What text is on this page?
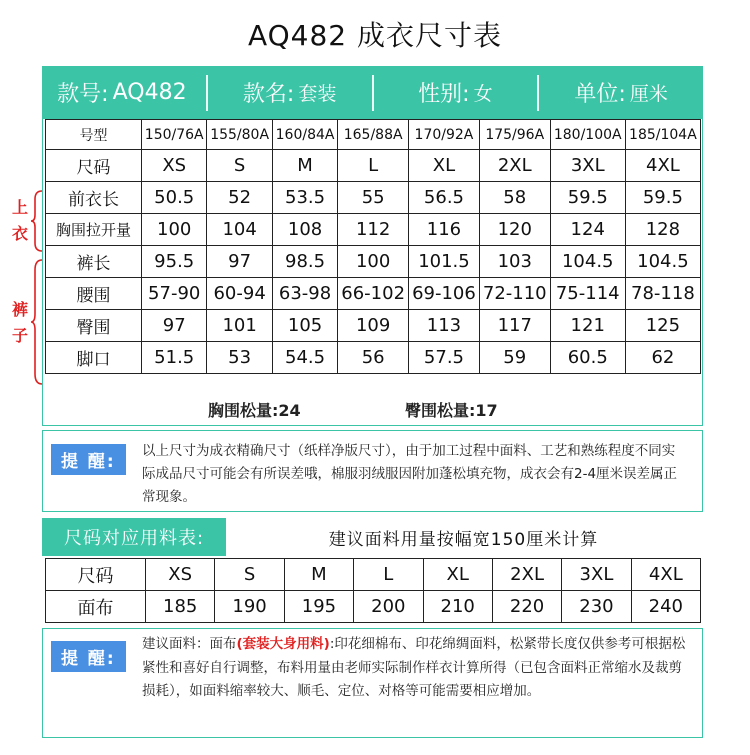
AQ482 成衣尺寸表
款号: AQ482	款名: 套装	性别: 女	单位: 厘米
号型	150/76A	155/80A	160/84A	165/88A	170/92A	175/96A	180/100A	185/104A
尺码	XS	S	M	L	XL	2XL	3XL	4XL
前衣长	50.5	52	53.5	55	56.5	58	59.5	59.5
胸围拉开量	100	104	108	112	116	120	124	128
裤长	95.5	97	98.5	100	101.5	103	104.5	104.5
腰围	57-90	60-94	63-98	66-102	69-106	72-110	75-114	78-118
臀围	97	101	105	109	113	117	121	125
脚口	51.5	53	54.5	56	57.5	59	60.5	62
上
衣
裤
子
胸围松量:24	臀围松量:17
提 醒:
以上尺寸为成衣精确尺寸（纸样净版尺寸），由于加工过程中面料、工艺和熟练程度不同实际成品尺寸可能会有所误差哦，棉服羽绒服因附加蓬松填充物，成衣会有2-4厘米误差属正常现象。
尺码对应用料表:	建议面料用量按幅宽150厘米计算
尺码	XS	S	M	L	XL	2XL	3XL	4XL
面布	185	190	195	200	210	220	230	240
提 醒:
建议面料：面布(套装大身用料):印花细棉布、印花绵绸面料，松紧带长度仅供参考可根据松紧性和喜好自行调整，布料用量由老师实际制作样衣计算所得（已包含面料正常缩水及裁剪损耗），如面料缩率较大、顺毛、定位、对格等可能需要相应增加。
